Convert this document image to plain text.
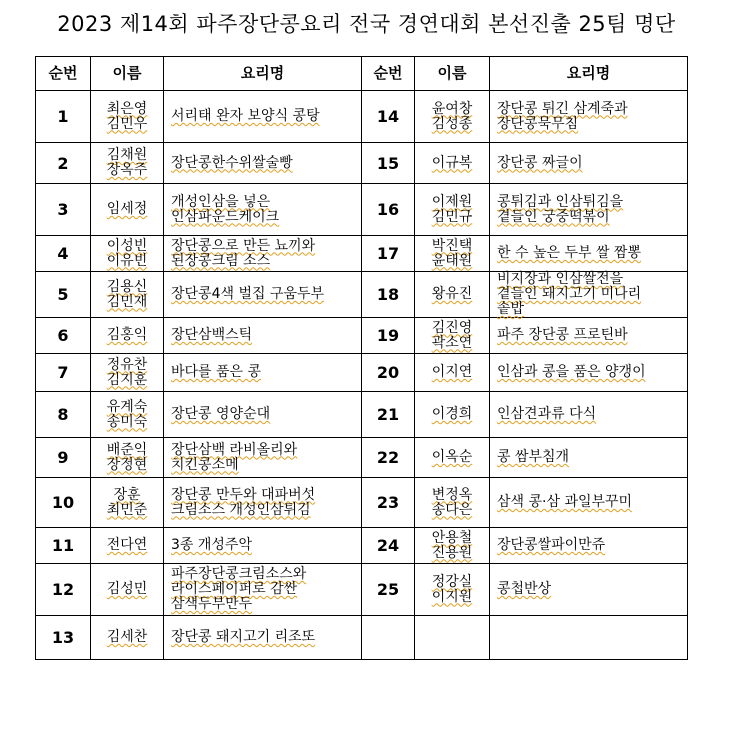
2023 제14회 파주장단콩요리 전국 경연대회 본선진출 25팀 명단
순번	이름	요리명	순번	이름	요리명
1	최은영
김민우	서리태 완자 보양식 콩탕	14	윤여창
김성종	장단콩 튀긴 삼계죽과
장단콩묵무침

2	김채원
장옥주	장단콩한수위쌀술빵	15	이규복	장단콩 짜글이

3	임세정	개성인삼을 넣은
인삼파운드케이크	16	이제원
김민규	콩튀김과 인삼튀김을
곁들인 궁중떡볶이

4	이성빈
이유빈	장단콩으로 만든 뇨끼와
된장콩크림 소스	17	박진택
윤태원	한 수 높은 두부 쌀 짬뽕

5	김용신
김민재	장단콩4색 벌집 구움두부	18	왕유진	비지장과 인삼쌀전을
곁들인 돼지고기 미나리
솥밥

6	김홍익	장단삼백스틱	19	김진영
곽소연	파주 장단콩 프로틴바

7	정유찬
김지훈	바다를 품은 콩	20	이지연	인삼과 콩을 품은 양갱이

8	유계숙
송미숙	장단콩 영양순대	21	이경희	인삼견과류 다식

9	배준익
장정현	장단삼백 라비올리와
치킨콩소메	22	이옥순	콩 쌈부침개

10	장훈
최민준	장단콩 만두와 대파버섯
크림소스 개성인삼튀김	23	변정옥
송다은	삼색 콩·삼 과일부꾸미

11	전다연	3종 개성주악	24	안용철
진용원	장단콩쌀파이만쥬

12	김성민	파주장단콩크림소스와
라이스페이퍼로 감싼
삼색두부만두	25	정강실
이지원	콩첩반상

13	김세찬	장단콩 돼지고기 리조또			
